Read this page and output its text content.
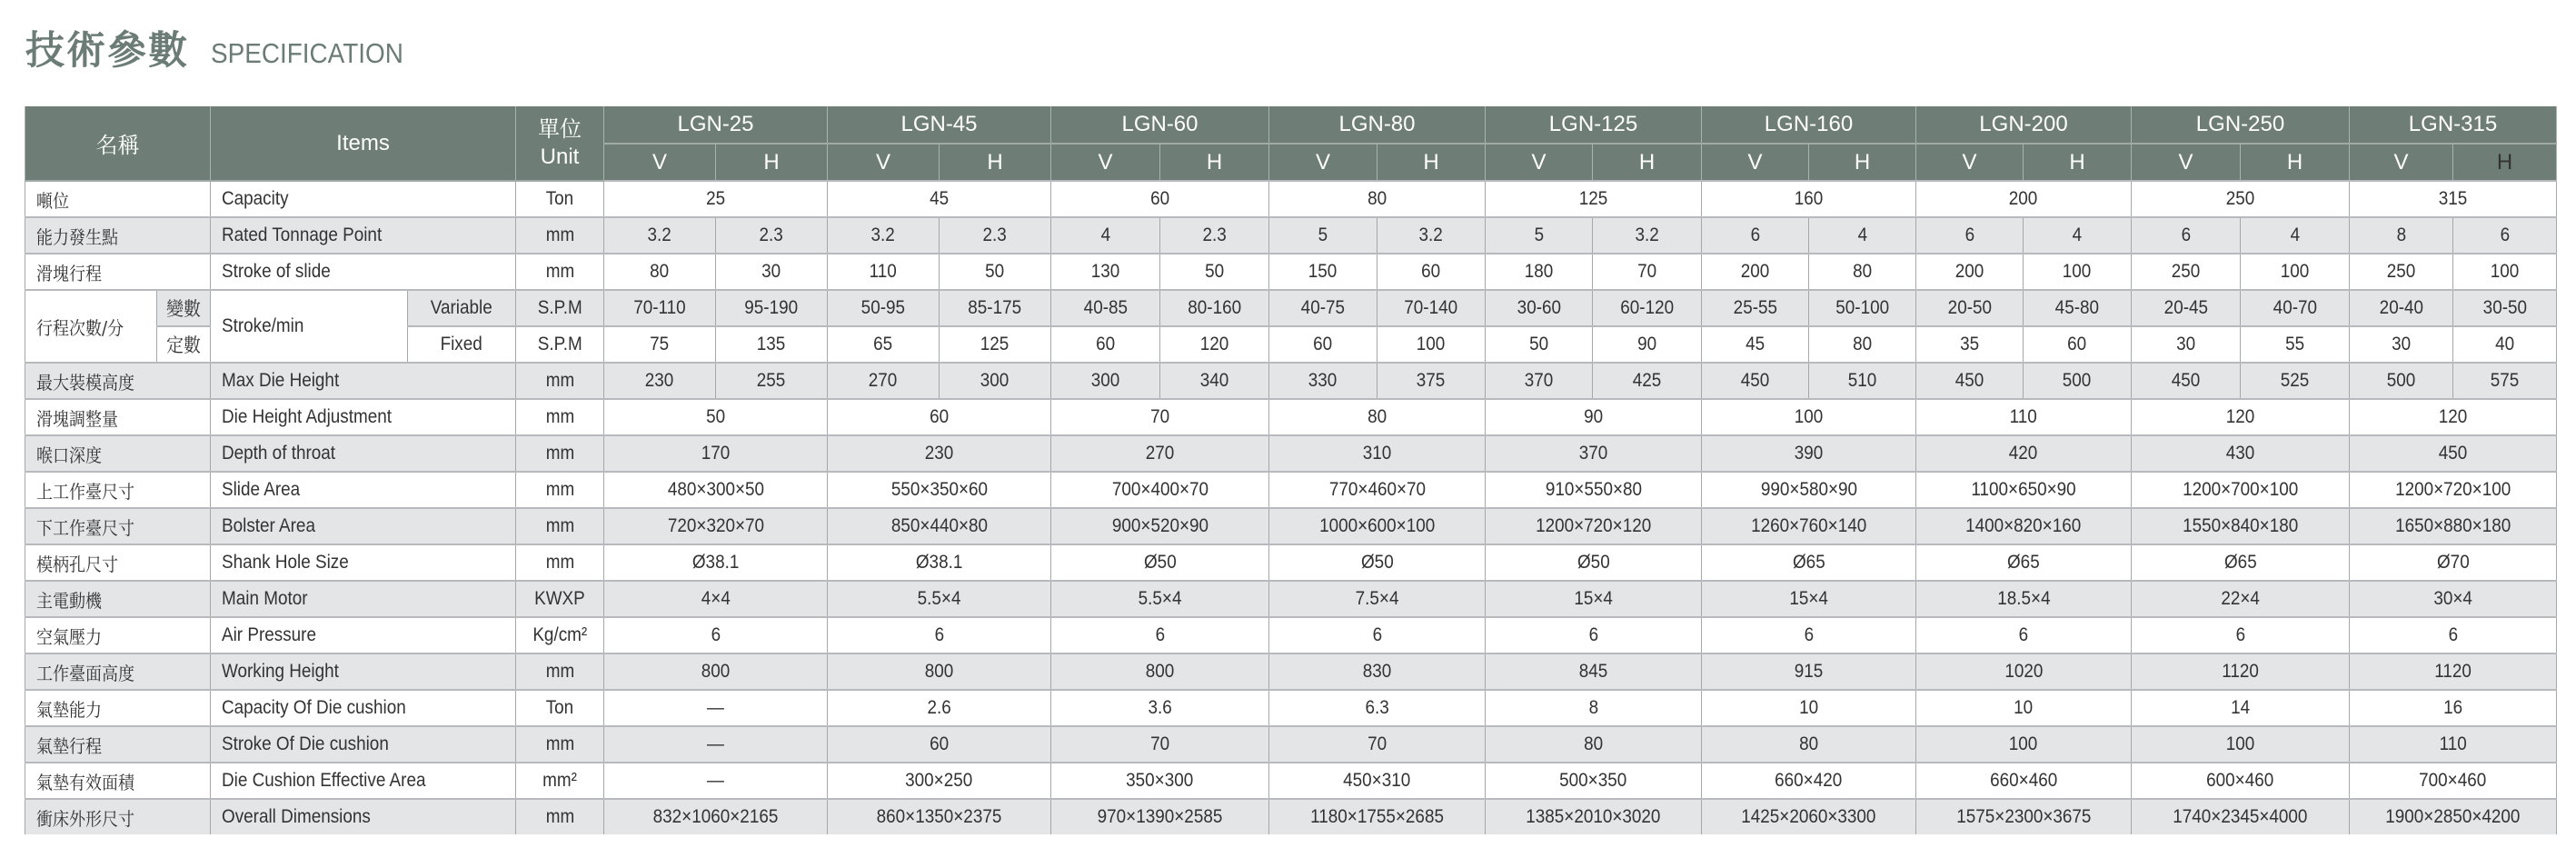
技術參數 SPECIFICATION
名稱		Items		單位
Unit	LGN-25		LGN-45		LGN-60		LGN-80		LGN-125		LGN-160		LGN-200		LGN-250		LGN-315	
					V	H	V	H	V	H	V	H	V	H	V	H	V	H	V	H	V	H
噸位		Capacity		Ton	25		45		60		80		125		160		200		250		315	
能力發生點		Rated Tonnage Point		mm	3.2	2.3	3.2	2.3	4	2.3	5	3.2	5	3.2	6	4	6	4	6	4	8	6
滑塊行程		Stroke of slide		mm	80	30	110	50	130	50	150	60	180	70	200	80	200	100	250	100	250	100
行程次數/分	變數	Stroke/min	Variable	S.P.M	70-110	95-190	50-95	85-175	40-85	80-160	40-75	70-140	30-60	60-120	25-55	50-100	20-50	45-80	20-45	40-70	20-40	30-50
	定數		Fixed	S.P.M	75	135	65	125	60	120	60	100	50	90	45	80	35	60	30	55	30	40
最大裝模高度		Max Die Height		mm	230	255	270	300	300	340	330	375	370	425	450	510	450	500	450	525	500	575
滑塊調整量		Die Height Adjustment		mm	50		60		70		80		90		100		110		120		120	
喉口深度		Depth of throat		mm	170		230		270		310		370		390		420		430		450	
上工作臺尺寸		Slide Area		mm	480×300×50		550×350×60		700×400×70		770×460×70		910×550×80		990×580×90		1100×650×90		1200×700×100		1200×720×100	
下工作臺尺寸		Bolster Area		mm	720×320×70		850×440×80		900×520×90		1000×600×100		1200×720×120		1260×760×140		1400×820×160		1550×840×180		1650×880×180	
模柄孔尺寸		Shank Hole Size		mm	Ø38.1		Ø38.1		Ø50		Ø50		Ø50		Ø65		Ø65		Ø65		Ø70	
主電動機		Main Motor		KWXP	4×4		5.5×4		5.5×4		7.5×4		15×4		15×4		18.5×4		22×4		30×4	
空氣壓力		Air Pressure		Kg/cm²	6		6		6		6		6		6		6		6		6	
工作臺面高度		Working Height		mm	800		800		800		830		845		915		1020		1120		1120	
氣墊能力		Capacity Of Die cushion		Ton	—		2.6		3.6		6.3		8		10		10		14		16	
氣墊行程		Stroke Of Die cushion		mm	—		60		70		70		80		80		100		100		110	
氣墊有效面積		Die Cushion Effective Area		mm²	—		300×250		350×300		450×310		500×350		660×420		660×460		600×460		700×460	
衝床外形尺寸		Overall Dimensions		mm	832×1060×2165		860×1350×2375		970×1390×2585		1180×1755×2685		1385×2010×3020		1425×2060×3300		1575×2300×3675		1740×2345×4000		1900×2850×4200	
